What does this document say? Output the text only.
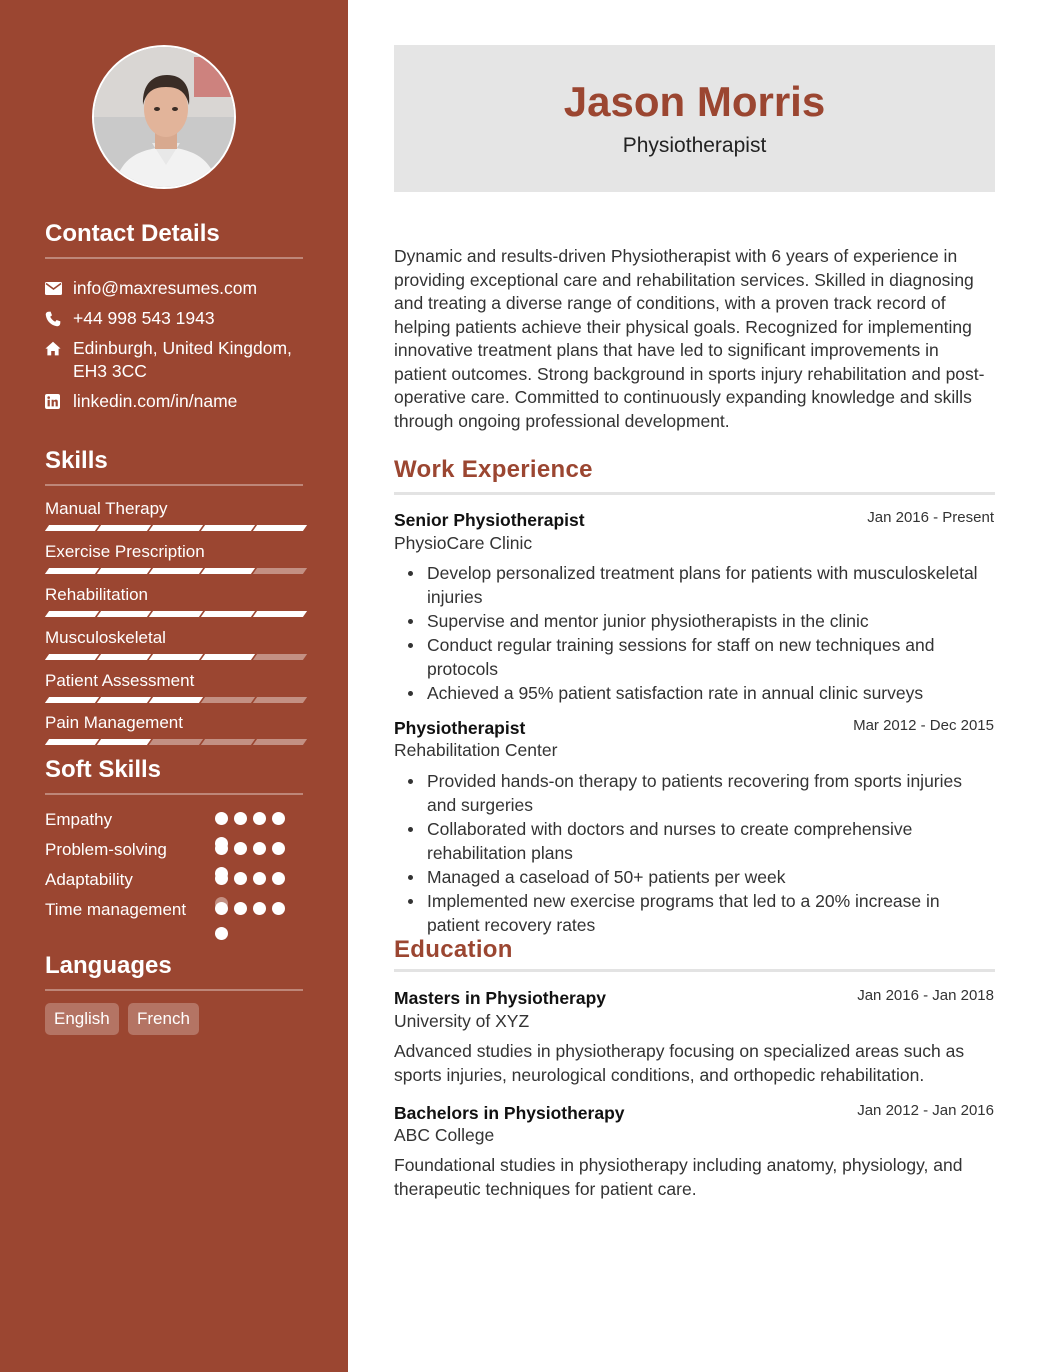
Contact Details
info@maxresumes.com
+44 998 543 1943
Edinburgh, United Kingdom, EH3 3CC
linkedin.com/in/name
Skills
Manual Therapy
Exercise Prescription
Rehabilitation
Musculoskeletal
Patient Assessment
Pain Management
Soft Skills
Empathy
Problem-solving
Adaptability
Time management
Languages
English	French
Jason Morris
Physiotherapist

Dynamic and results-driven Physiotherapist with 6 years of experience in providing exceptional care and rehabilitation services. Skilled in diagnosing and treating a diverse range of conditions, with a proven track record of helping patients achieve their physical goals. Recognized for implementing innovative treatment plans that have led to significant improvements in patient outcomes. Strong background in sports injury rehabilitation and post-operative care. Committed to continuously expanding knowledge and skills through ongoing professional development.

Work Experience
Senior Physiotherapist	Jan 2016 - Present
PhysioCare Clinic
Develop personalized treatment plans for patients with musculoskeletal injuries
Supervise and mentor junior physiotherapists in the clinic
Conduct regular training sessions for staff on new techniques and protocols
Achieved a 95% patient satisfaction rate in annual clinic surveys
Physiotherapist	Mar 2012 - Dec 2015
Rehabilitation Center
Provided hands-on therapy to patients recovering from sports injuries and surgeries
Collaborated with doctors and nurses to create comprehensive rehabilitation plans
Managed a caseload of 50+ patients per week
Implemented new exercise programs that led to a 20% increase in patient recovery rates
Education
Masters in Physiotherapy	Jan 2016 - Jan 2018
University of XYZ

Advanced studies in physiotherapy focusing on specialized areas such as sports injuries, neurological conditions, and orthopedic rehabilitation.

Bachelors in Physiotherapy	Jan 2012 - Jan 2016
ABC College

Foundational studies in physiotherapy including anatomy, physiology, and therapeutic techniques for patient care.
